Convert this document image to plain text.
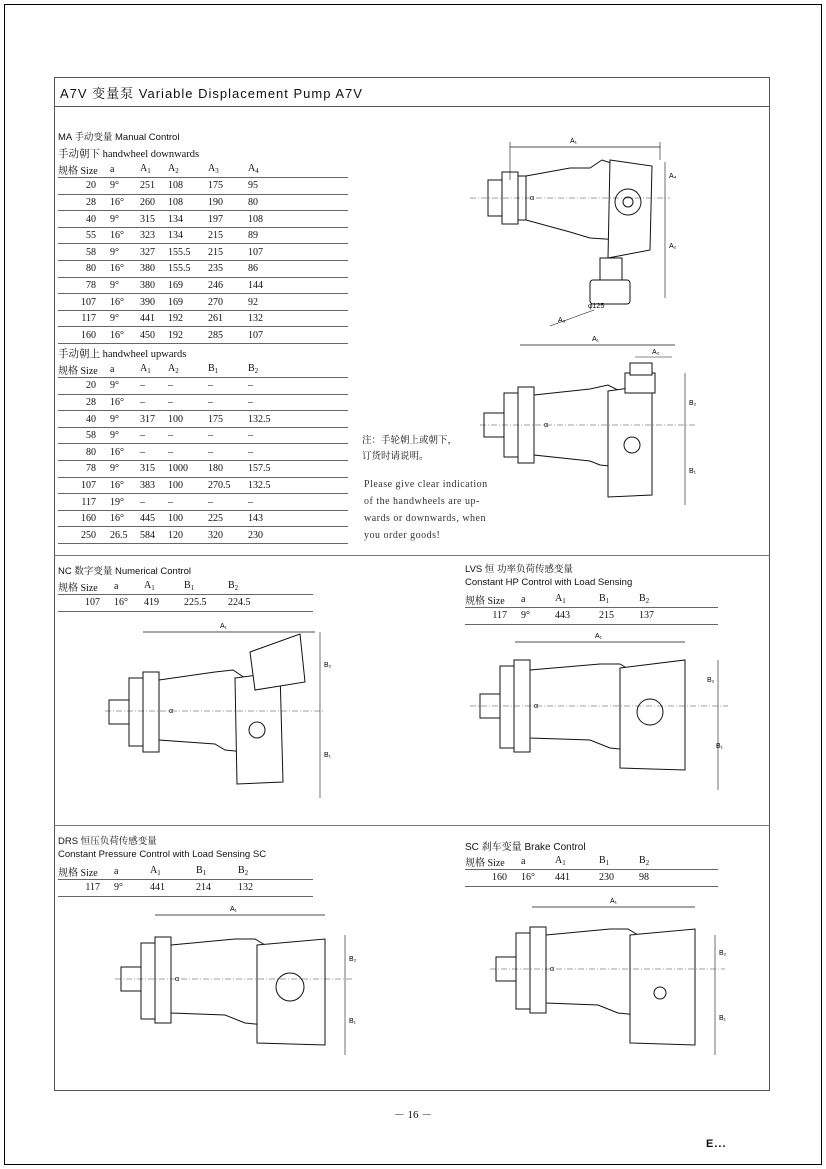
A7V 变量泵 Variable Displacement Pump A7V
MA 手动变量 Manual Control
手动朝下 handwheel downwards
规格 Size	a	$A_1$	$A_2$	$A_3$	$A_4$	
20	9°	251	108	175	95	
28	16°	260	108	190	80	
40	9°	315	134	197	108	
55	16°	323	134	215	89	
58	9°	327	155.5	215	107	
80	16°	380	155.5	235	86	
78	9°	380	169	246	144	
107	16°	390	169	270	92	
117	9°	441	192	261	132	
160	16°	450	192	285	107	
手动朝上 handwheel upwards
规格 Size	a	$A_1$	$A_2$	$B_1$	$B_2$	
20	9°	–	–	–	–	
28	16°	–	–	–	–	
40	9°	317	100	175	132.5	
58	9°	–	–	–	–	
80	16°	–	–	–	–	
78	9°	315	1000	180	157.5	
107	16°	383	100	270.5	132.5	
117	19°	–	–	–	–	
160	16°	445	100	225	143	
250	26.5	584	120	320	230	
注：手轮朝上或朝下，
订货时请说明。
Please give clear indication
of the handwheels are up-
wards or downwards, when
you order goods!
NC 数字变量 Numerical Control
规格 Size	a	$A_1$	$B_1$	$B_2$	
107	16°	419	225.5	224.5	
LVS 恒 功率负荷传感变量
Constant HP Control with Load Sensing
规格 Size	a	$A_1$	$B_1$	$B_2$	
117	9°	443	215	137	
DRS 恒压负荷传感变量
Constant Pressure Control with Load Sensing SC
规格 Size	a	$A_1$	$B_1$	$B_2$	
117	9°	441	214	132	
SC 刹车变量 Brake Control
规格 Size	a	$A_1$	$B_1$	$B_2$	
160	16°	441	230	98	
A₁
A₄
A₂
A₃
φ125
α
A₁
A₂
B₂
B₁
α
A₁
B₂
B₁
α
A₁
B₂
B₁
α
A₁
B₂
B₁
α
A₁
B₂
B₁
α
－ 16 －
E...
